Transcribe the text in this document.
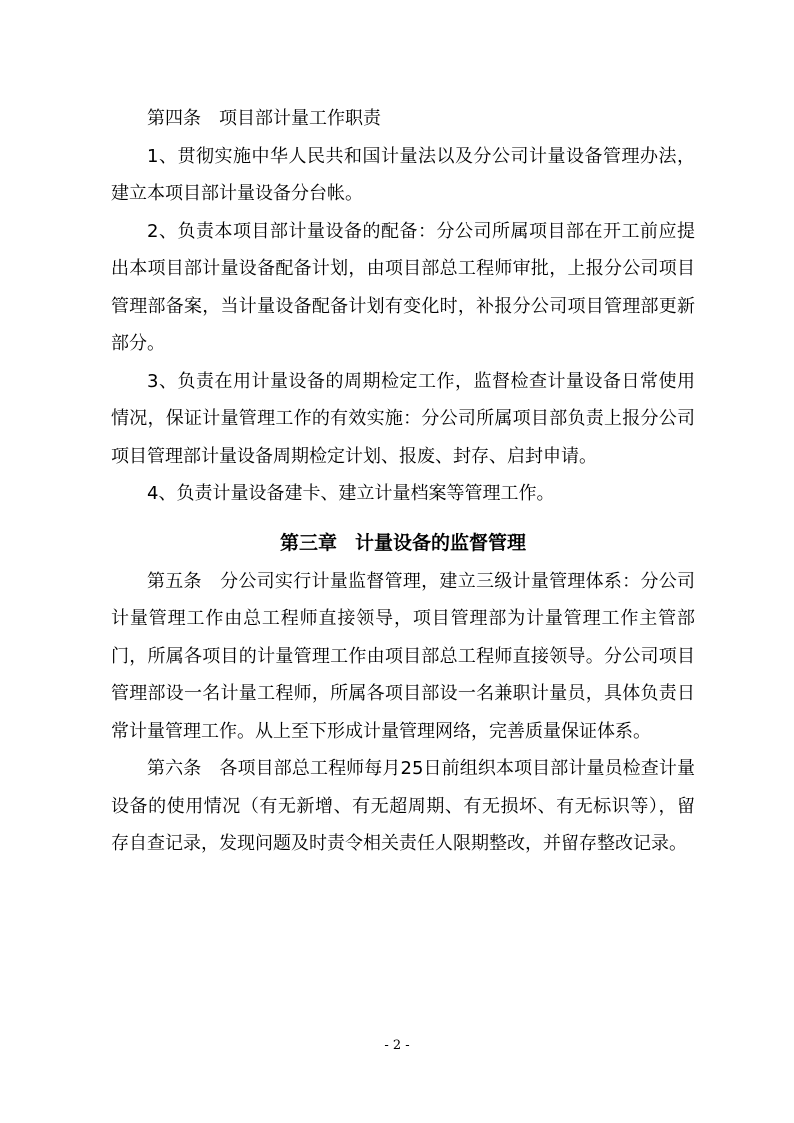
第四条 项目部计量工作职责

1、贯彻实施中华人民共和国计量法以及分公司计量设备管理办法，建立本项目部计量设备分台帐。

2、负责本项目部计量设备的配备：分公司所属项目部在开工前应提出本项目部计量设备配备计划，由项目部总工程师审批，上报分公司项目管理部备案，当计量设备配备计划有变化时，补报分公司项目管理部更新部分。

3、负责在用计量设备的周期检定工作，监督检查计量设备日常使用情况，保证计量管理工作的有效实施：分公司所属项目部负责上报分公司项目管理部计量设备周期检定计划、报废、封存、启封申请。

4、负责计量设备建卡、建立计量档案等管理工作。

第三章 计量设备的监督管理

第五条 分公司实行计量监督管理，建立三级计量管理体系：分公司计量管理工作由总工程师直接领导，项目管理部为计量管理工作主管部门，所属各项目的计量管理工作由项目部总工程师直接领导。分公司项目管理部设一名计量工程师，所属各项目部设一名兼职计量员，具体负责日常计量管理工作。从上至下形成计量管理网络，完善质量保证体系。

第六条 各项目部总工程师每月25日前组织本项目部计量员检查计量设备的使用情况（有无新增、有无超周期、有无损坏、有无标识等），留存自查记录，发现问题及时责令相关责任人限期整改，并留存整改记录。

- 2 -
